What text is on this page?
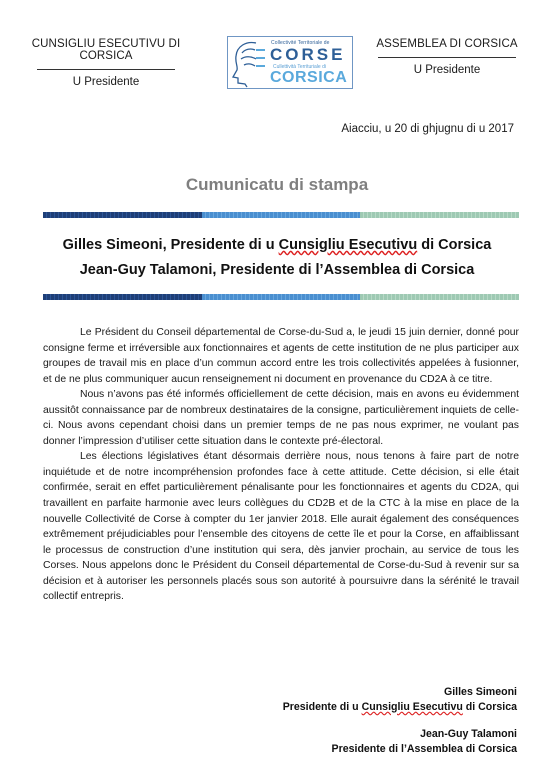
CUNSIGLIU ESECUTIVU DI CORSICA
U Presidente
Collectivité Territoriale de
CORSE
Cullettività Territuriale di
CORSICA
ASSEMBLEA DI CORSICA
U Presidente
Aiacciu, u 20 di ghjugnu di u 2017
Cumunicatu di stampa
Gilles Simeoni, Presidente di u Cunsigliu Esecutivu di Corsica
Jean-Guy Talamoni, Presidente di l’Assemblea di Corsica

Le Président du Conseil départemental de Corse-du-Sud a, le jeudi 15 juin dernier, donné pour consigne ferme et irréversible aux fonctionnaires et agents de cette institution de ne plus participer aux groupes de travail mis en place d’un commun accord entre les trois collectivités appelées à fusionner, et de ne plus communiquer aucun renseignement ni document en provenance du CD2A à ce titre.

Nous n’avons pas été informés officiellement de cette décision, mais en avons eu évidemment aussitôt connaissance par de nombreux destinataires de la consigne, particulièrement inquiets de celle-ci. Nous avons cependant choisi dans un premier temps de ne pas nous exprimer, ne voulant pas donner l’impression d’utiliser cette situation dans le contexte pré-électoral.

Les élections législatives étant désormais derrière nous, nous tenons à faire part de notre inquiétude et de notre incompréhension profondes face à cette attitude. Cette décision, si elle était confirmée, serait en effet particulièrement pénalisante pour les fonctionnaires et agents du CD2A, qui travaillent en parfaite harmonie avec leurs collègues du CD2B et de la CTC à la mise en place de la nouvelle Collectivité de Corse à compter du 1er janvier 2018. Elle aurait également des conséquences extrêmement préjudiciables pour l’ensemble des citoyens de cette île et pour la Corse, en affaiblissant le processus de construction d’une institution qui sera, dès janvier prochain, au service de tous les Corses. Nous appelons donc le Président du Conseil départemental de Corse-du-Sud à revenir sur sa décision et à autoriser les personnels placés sous son autorité à poursuivre dans la sérénité le travail collectif entrepris.

Gilles Simeoni
Presidente di u Cunsigliu Esecutivu di Corsica
Jean-Guy Talamoni
Presidente di l’Assemblea di Corsica
